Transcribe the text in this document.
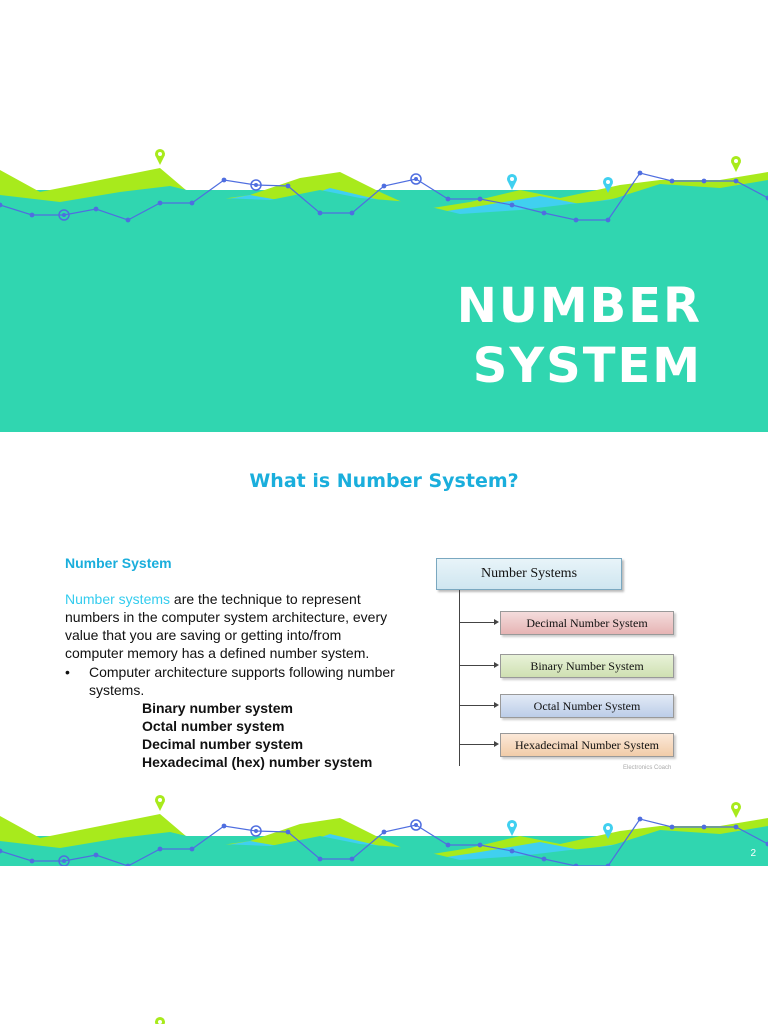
NUMBER
SYSTEM
What is Number System?
Number System
Number systems are the technique to represent numbers in the computer system architecture, every value that you are saving or getting into/from computer memory has a defined number system.
•	Computer architecture supports following number systems.
Binary number system
Octal number system
Decimal number system
Hexadecimal (hex) number system
Number Systems
Decimal Number System
Binary Number System
Octal Number System
Hexadecimal Number System
Electronics Coach
2
